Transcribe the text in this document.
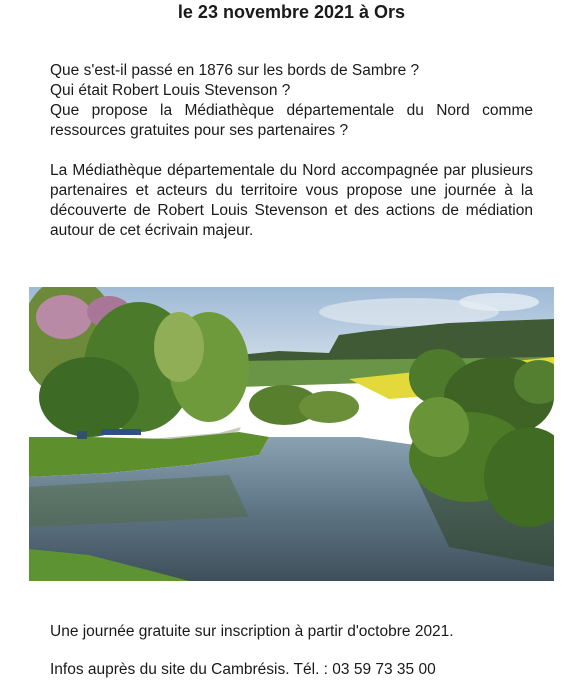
le 23 novembre 2021 à Ors

Que s'est-il passé en 1876 sur les bords de Sambre ?

Qui était Robert Louis Stevenson ?

Que propose la Médiathèque départementale du Nord comme ressources gratuites pour ses partenaires ?

La Médiathèque départementale du Nord accompagnée par plusieurs partenaires et acteurs du territoire vous propose une journée à la découverte de Robert Louis Stevenson et des actions de médiation autour de cet écrivain majeur.
Une journée gratuite sur inscription à partir d'octobre 2021.
Infos auprès du site du Cambrésis. Tél. : 03 59 73 35 00
